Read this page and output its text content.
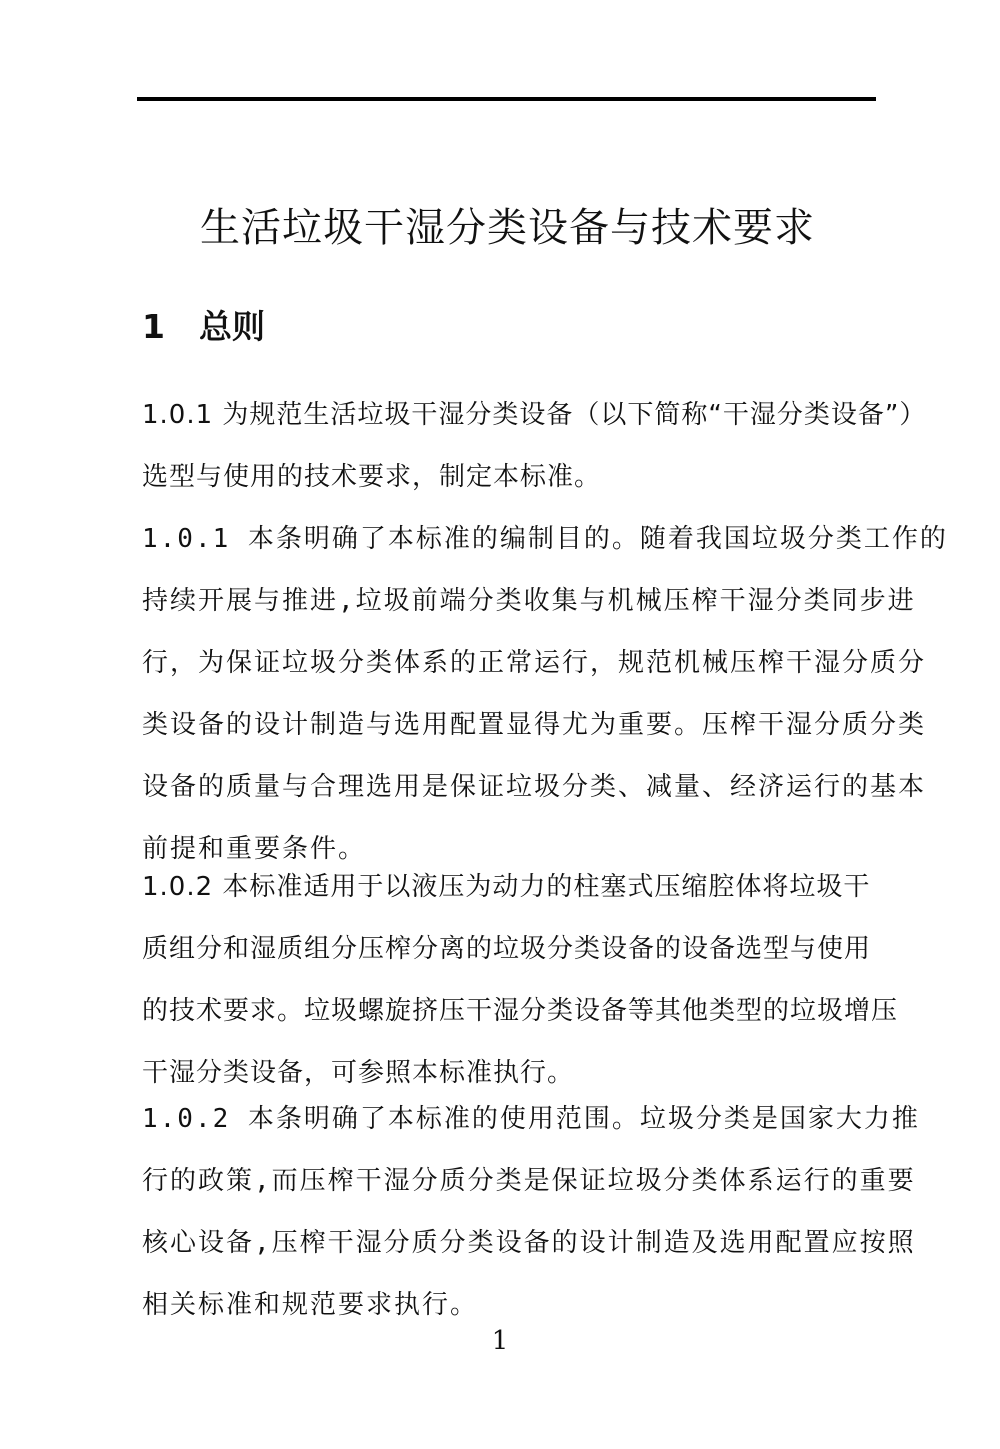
生活垃圾干湿分类设备与技术要求
1 总则
1.0.1 为规范生活垃圾干湿分类设备（以下简称“干湿分类设备”）
选型与使用的技术要求，制定本标准。
1.0.1 本条明确了本标准的编制目的。随着我国垃圾分类工作的
持续开展与推进,垃圾前端分类收集与机械压榨干湿分类同步进
行，为保证垃圾分类体系的正常运行，规范机械压榨干湿分质分
类设备的设计制造与选用配置显得尤为重要。压榨干湿分质分类
设备的质量与合理选用是保证垃圾分类、减量、经济运行的基本
前提和重要条件。
1.0.2 本标准适用于以液压为动力的柱塞式压缩腔体将垃圾干
质组分和湿质组分压榨分离的垃圾分类设备的设备选型与使用
的技术要求。垃圾螺旋挤压干湿分类设备等其他类型的垃圾增压
干湿分类设备，可参照本标准执行。
1.0.2 本条明确了本标准的使用范围。垃圾分类是国家大力推
行的政策,而压榨干湿分质分类是保证垃圾分类体系运行的重要
核心设备,压榨干湿分质分类设备的设计制造及选用配置应按照
相关标准和规范要求执行。
1
